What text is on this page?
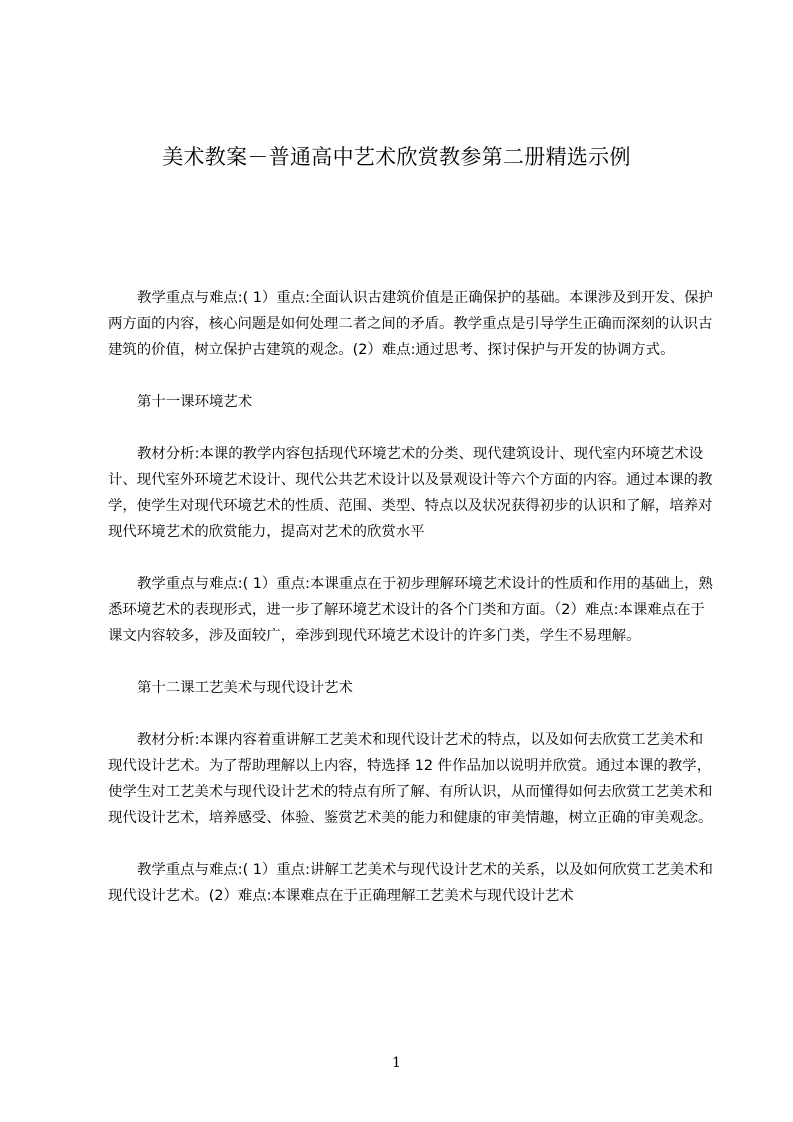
美术教案－普通高中艺术欣赏教参第二册精选示例

教学重点与难点:( 1）重点:全面认识古建筑价值是正确保护的基础。本课涉及到开发、保护两方面的内容，核心问题是如何处理二者之间的矛盾。教学重点是引导学生正确而深刻的认识古建筑的价值，树立保护古建筑的观念。(2）难点:通过思考、探讨保护与开发的协调方式。

第十一课环境艺术

教材分析:本课的教学内容包括现代环境艺术的分类、现代建筑设计、现代室内环境艺术设计、现代室外环境艺术设计、现代公共艺术设计以及景观设计等六个方面的内容。通过本课的教学，使学生对现代环境艺术的性质、范围、类型、特点以及状况获得初步的认识和了解，培养对现代环境艺术的欣赏能力，提高对艺术的欣赏水平

教学重点与难点:( 1）重点:本课重点在于初步理解环境艺术设计的性质和作用的基础上，熟悉环境艺术的表现形式，进一步了解环境艺术设计的各个门类和方面。（2）难点:本课难点在于课文内容较多，涉及面较广，牵涉到现代环境艺术设计的许多门类，学生不易理解。

第十二课工艺美术与现代设计艺术

教材分析:本课内容着重讲解工艺美术和现代设计艺术的特点，以及如何去欣赏工艺美术和现代设计艺术。为了帮助理解以上内容，特选择 12 件作品加以说明并欣赏。通过本课的教学，使学生对工艺美术与现代设计艺术的特点有所了解、有所认识，从而懂得如何去欣赏工艺美术和现代设计艺术，培养感受、体验、鉴赏艺术美的能力和健康的审美情趣，树立正确的审美观念。

教学重点与难点:( 1）重点:讲解工艺美术与现代设计艺术的关系，以及如何欣赏工艺美术和现代设计艺术。(2）难点:本课难点在于正确理解工艺美术与现代设计艺术

1
